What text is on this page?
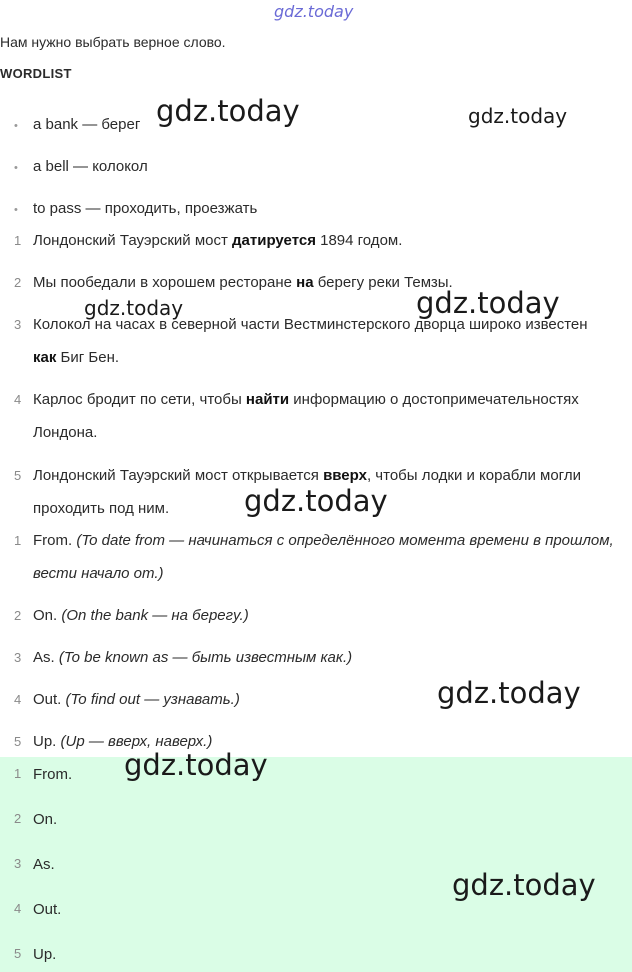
gdz.today
Нам нужно выбрать верное слово.
WORDLIST
•	a bank — берег
•	a bell — колокол
•	to pass — проходить, проезжать
1 Лондонский Тауэрский мост датируется 1894 годом.
2 Мы пообедали в хорошем ресторане на берегу реки Темзы.
3 Колокол на часах в северной части Вестминстерского дворца широко известен как Биг Бен.
4 Карлос бродит по сети, чтобы найти информацию о достопримечательностях Лондона.
5 Лондонский Тауэрский мост открывается вверх, чтобы лодки и корабли могли проходить под ним.
1 From. (To date from — начинаться с определённого момента времени в прошлом, вести начало от.)
2 On. (On the bank — на берегу.)
3 As. (To be known as — быть известным как.)
4 Out. (To find out — узнавать.)
5 Up. (Up — вверх, наверх.)
1 From.
2 On.
3 As.
4 Out.
5 Up.
gdz.today	gdz.today
gdz.today	gdz.today
gdz.today
gdz.today
gdz.today
gdz.today
